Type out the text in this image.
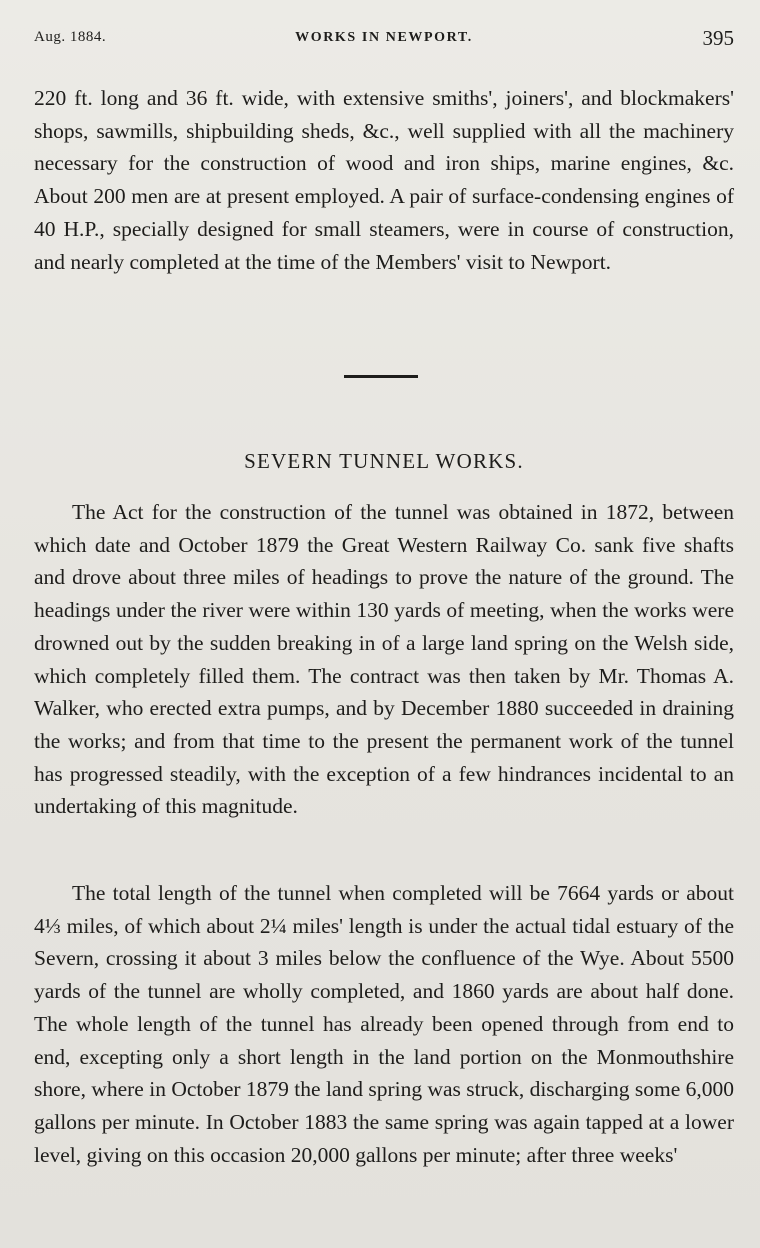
Aug. 1884.	WORKS IN NEWPORT.	395

220 ft. long and 36 ft. wide, with extensive smiths', joiners', and blockmakers' shops, sawmills, shipbuilding sheds, &c., well supplied with all the machinery necessary for the construction of wood and iron ships, marine engines, &c. About 200 men are at present employed. A pair of surface-condensing engines of 40 H.P., specially designed for small steamers, were in course of construction, and nearly completed at the time of the Members' visit to Newport.

SEVERN TUNNEL WORKS.

The Act for the construction of the tunnel was obtained in 1872, between which date and October 1879 the Great Western Railway Co. sank five shafts and drove about three miles of headings to prove the nature of the ground. The headings under the river were within 130 yards of meeting, when the works were drowned out by the sudden breaking in of a large land spring on the Welsh side, which completely filled them. The contract was then taken by Mr. Thomas A. Walker, who erected extra pumps, and by December 1880 succeeded in draining the works; and from that time to the present the permanent work of the tunnel has progressed steadily, with the exception of a few hindrances incidental to an undertaking of this magnitude.

The total length of the tunnel when completed will be 7664 yards or about 4⅓ miles, of which about 2¼ miles' length is under the actual tidal estuary of the Severn, crossing it about 3 miles below the confluence of the Wye. About 5500 yards of the tunnel are wholly completed, and 1860 yards are about half done. The whole length of the tunnel has already been opened through from end to end, excepting only a short length in the land portion on the Monmouthshire shore, where in October 1879 the land spring was struck, discharging some 6,000 gallons per minute. In October 1883 the same spring was again tapped at a lower level, giving on this occasion 20,000 gallons per minute; after three weeks'
